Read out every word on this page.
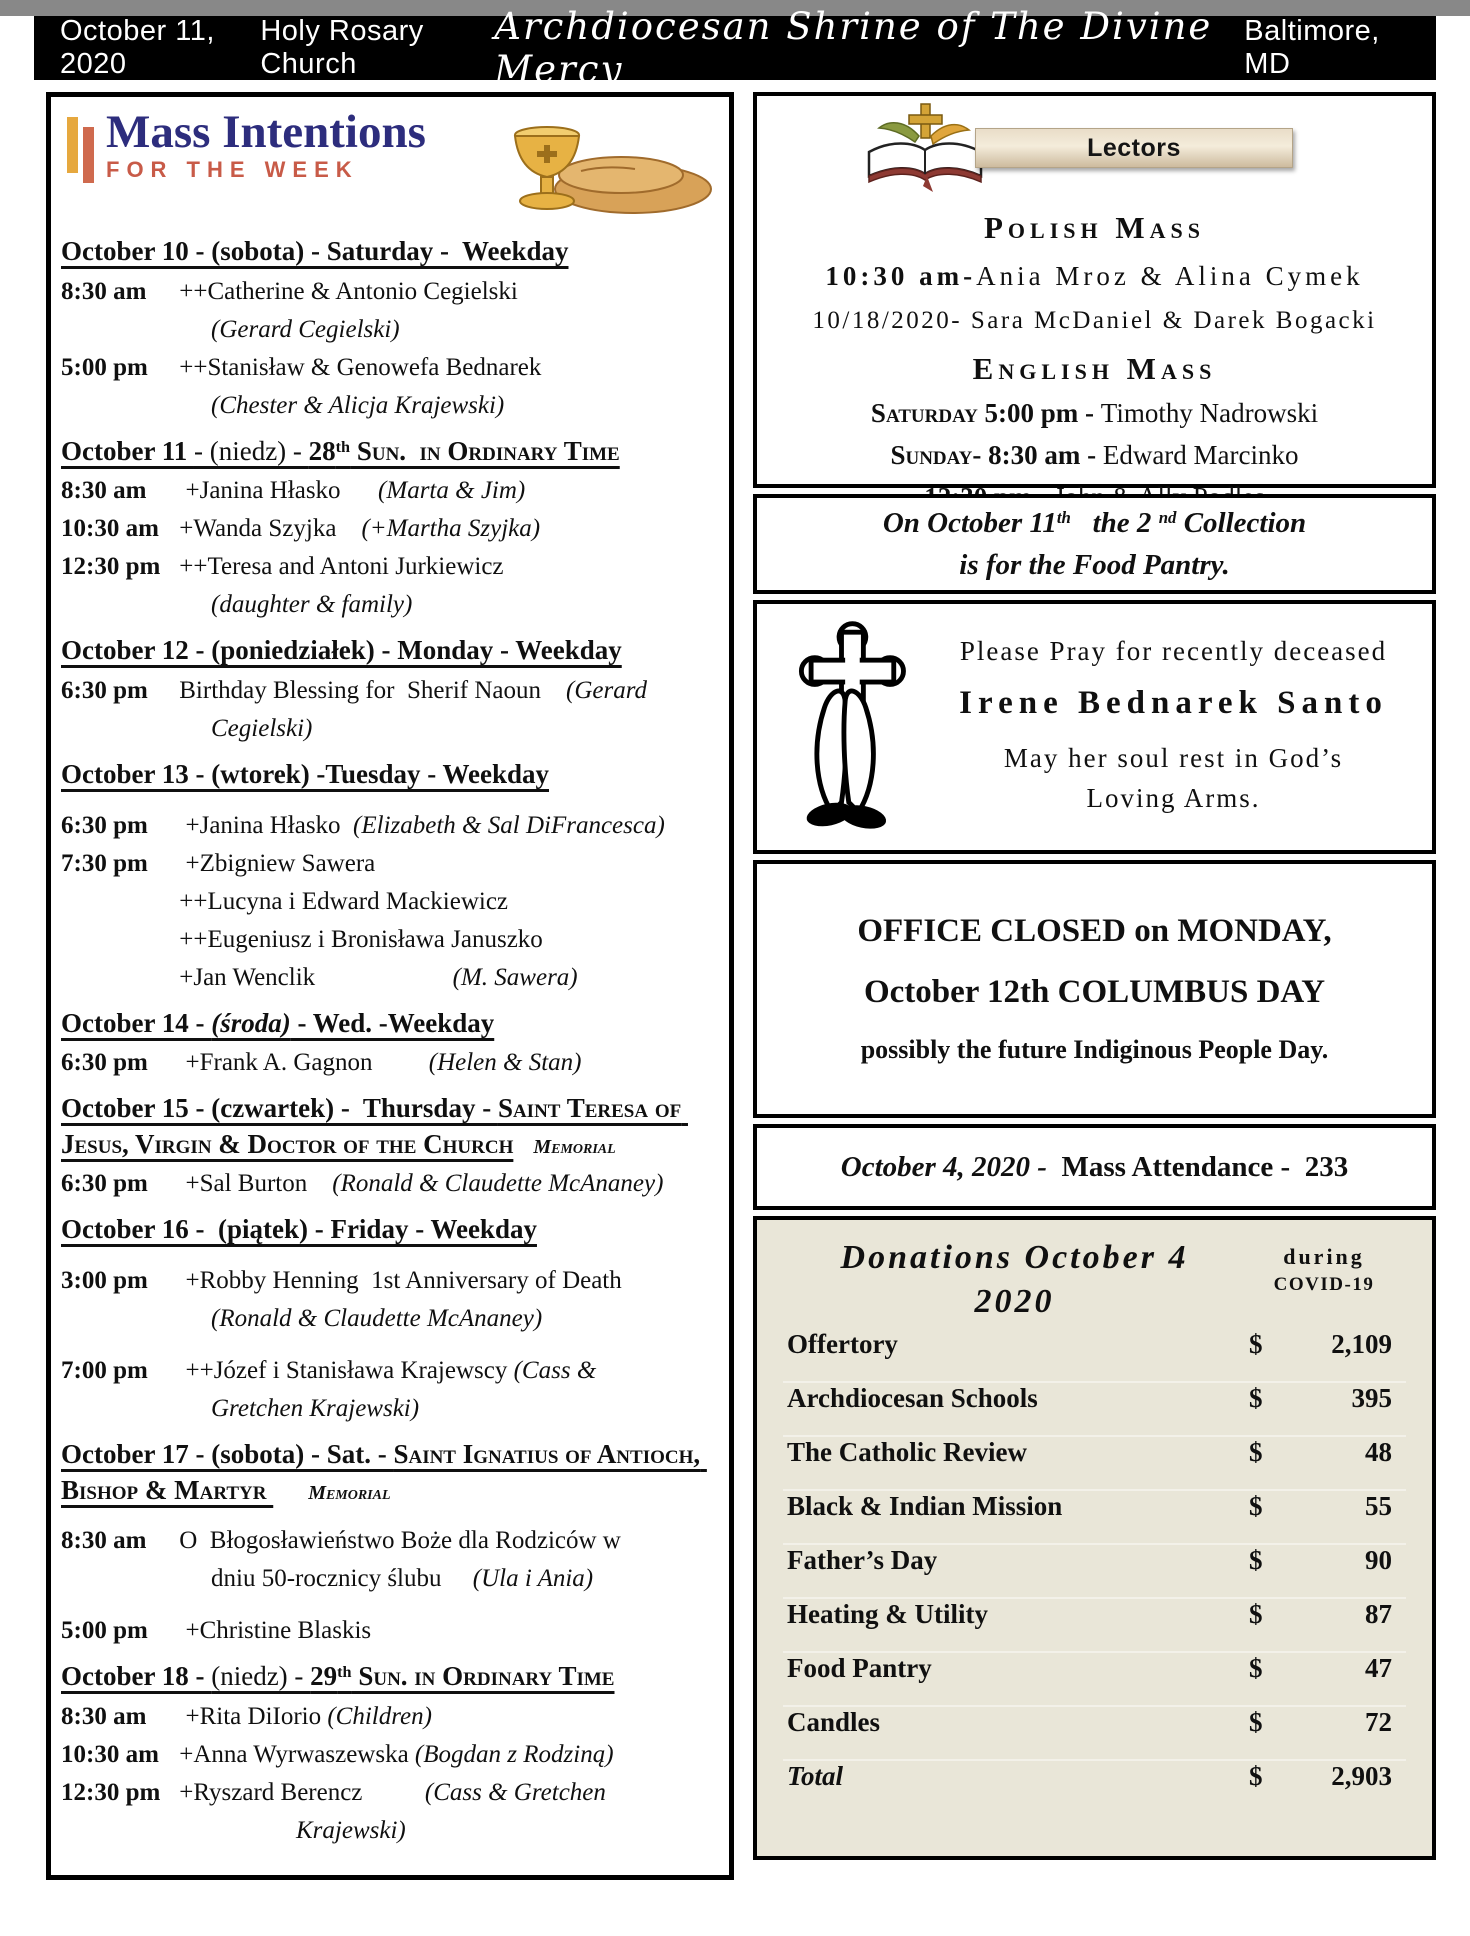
October 11, 2020
Holy Rosary Church
Archdiocesan Shrine of The Divine Mercy
Baltimore, MD
Mass Intentions
FOR THE WEEK
October 10 - (sobota) - Saturday -  Weekday
8:30 am	++Catherine & Antonio Cegielski
(Gerard Cegielski)
5:00 pm	++Stanisław & Genowefa Bednarek
(Chester & Alicja Krajewski)
October 11 - (niedz) - 28th Sun.  in Ordinary Time
8:30 am	+Janina Hłasko      (Marta & Jim)
10:30 am +Wanda Szyjka    (+Martha Szyjka)
12:30 pm ++Teresa and Antoni Jurkiewicz
(daughter & family)
October 12 - (poniedziałek) - Monday - Weekday
6:30 pm	Birthday Blessing for  Sherif Naoun    (Gerard
Cegielski)
October 13 - (wtorek) -Tuesday - Weekday
6:30 pm	+Janina Hłasko  (Elizabeth & Sal DiFrancesca)
7:30 pm	+Zbigniew Sawera
++Lucyna i Edward Mackiewicz
++Eugeniusz i Bronisława Januszko
+Jan Wenclik                      (M. Sawera)
October 14 - (środa) - Wed. -Weekday
6:30 pm	+Frank A. Gagnon         (Helen & Stan)
October 15 - (czwartek) -  Thursday - Saint Teresa of Jesus, Virgin & Doctor of the Church    Memorial
6:30 pm	+Sal Burton    (Ronald & Claudette McAnaney)
October 16 -  (piątek) - Friday - Weekday
3:00 pm	+Robby Henning  1st Anniversary of Death
(Ronald & Claudette McAnaney)
7:00 pm	++Józef i Stanisława Krajewscy (Cass &
Gretchen Krajewski)
October 17 - (sobota) - Sat. - Saint Ignatius of Antioch, Bishop & Martyr        Memorial
8:30 am	O  Błogosławieństwo Boże dla Rodziców w
dniu 50-rocznicy ślubu     (Ula i Ania)
5:00 pm	+Christine Blaskis
October 18 - (niedz) - 29th Sun. in Ordinary Time
8:30 am	+Rita DiIorio (Children)
10:30 am +Anna Wyrwaszewska (Bogdan z Rodziną)
12:30 pm +Ryszard Berencz          (Cass & Gretchen
Krajewski)
Lectors
Polish Mass
10:30 am-Ania Mroz & Alina Cymek
10/18/2020- Sara McDaniel & Darek Bogacki
English Mass
Saturday 5:00 pm - Timothy Nadrowski
Sunday- 8:30 am - Edward Marcinko
On October 11th   the 2 $^{nd}$ Collection
is for the Food Pantry.
Please Pray for recently deceased
Irene Bednarek Santo
May her soul rest in God’s
Loving Arms.
OFFICE CLOSED on MONDAY,
October 12th COLUMBUS DAY
possibly the future Indiginous People Day.
October 4, 2020 - Mass Attendance -  233
Donations October 4
2020
during
COVID-19
Offertory	$	2,109
Archdiocesan Schools	$	395
The Catholic Review	$	48
Black & Indian Mission	$	55
Father’s Day	$	90
Heating & Utility	$	87
Food Pantry	$	47
Candles	$	72
Total	$	2,903
